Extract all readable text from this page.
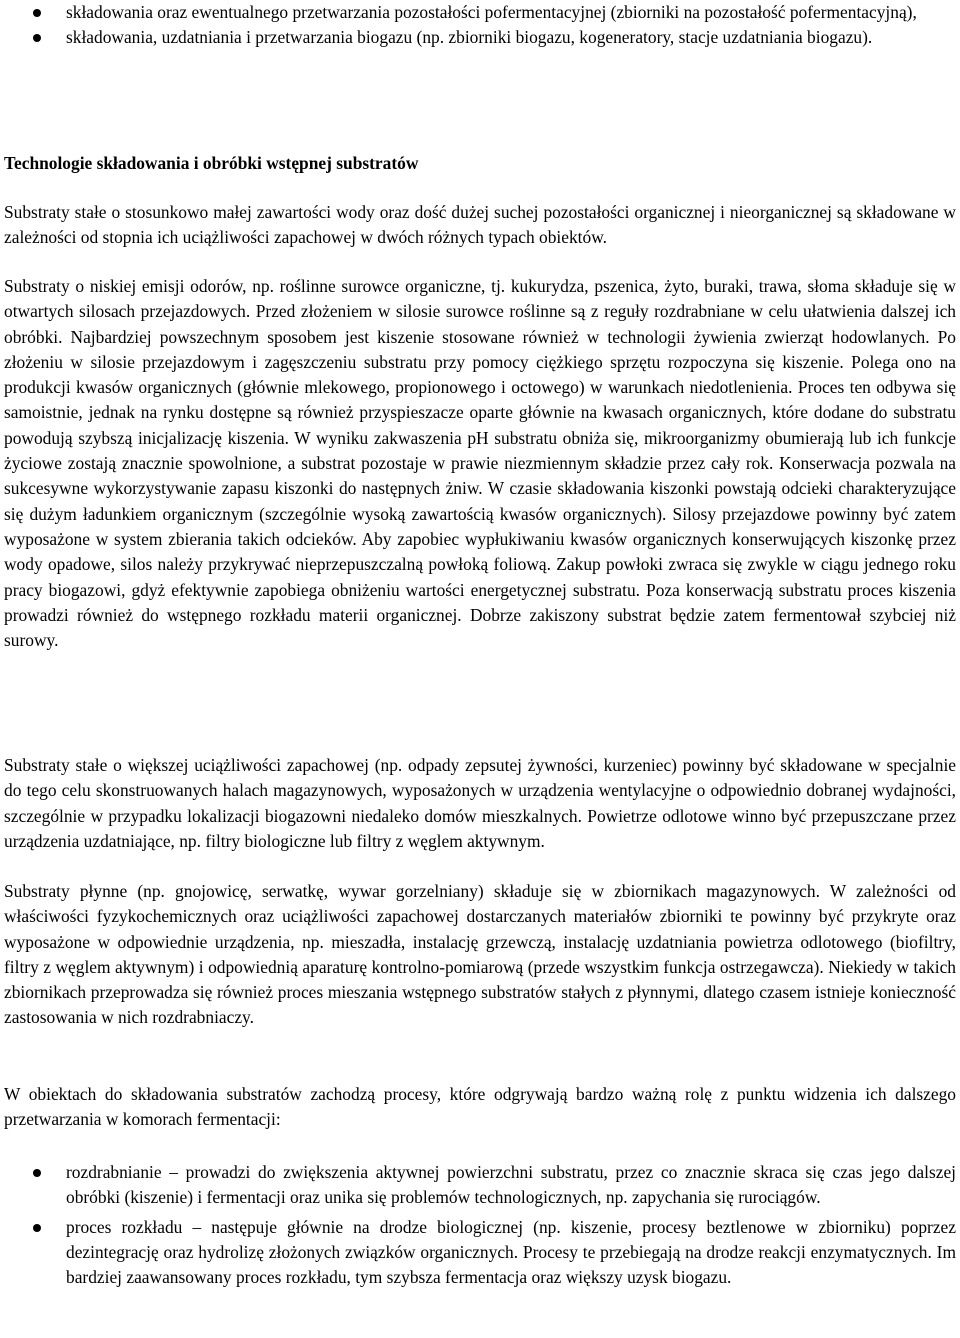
składowania oraz ewentualnego przetwarzania pozostałości pofermentacyjnej (zbiorniki na pozostałość pofermentacyjną),
składowania, uzdatniania i przetwarzania biogazu (np. zbiorniki biogazu, kogeneratory, stacje uzdatniania biogazu).
Technologie składowania i obróbki wstępnej substratów

Substraty stałe o stosunkowo małej zawartości wody oraz dość dużej suchej pozostałości organicznej i nieorganicznej są składowane w zależności od stopnia ich uciążliwości zapachowej w dwóch różnych typach obiektów.

Substraty o niskiej emisji odorów, np. roślinne surowce organiczne, tj. kukurydza, pszenica, żyto, buraki, trawa, słoma składuje się w otwartych silosach przejazdowych. Przed złożeniem w silosie surowce roślinne są z reguły rozdrabniane w celu ułatwienia dalszej ich obróbki. Najbardziej powszechnym sposobem jest kiszenie stosowane również w technologii żywienia zwierząt hodowlanych. Po złożeniu w silosie przejazdowym i zagęszczeniu substratu przy pomocy ciężkiego sprzętu rozpoczyna się kiszenie. Polega ono na produkcji kwasów organicznych (głównie mlekowego, propionowego i octowego) w warunkach niedotlenienia. Proces ten odbywa się samoistnie, jednak na rynku dostępne są również przyspieszacze oparte głównie na kwasach organicznych, które dodane do substratu powodują szybszą inicjalizację kiszenia. W wyniku zakwaszenia pH substratu obniża się, mikroorganizmy obumierają lub ich funkcje życiowe zostają znacznie spowolnione, a substrat pozostaje w prawie niezmiennym składzie przez cały rok. Konserwacja pozwala na sukcesywne wykorzystywanie zapasu kiszonki do następnych żniw. W czasie składowania kiszonki powstają odcieki charakteryzujące się dużym ładunkiem organicznym (szczególnie wysoką zawartością kwasów organicznych). Silosy przejazdowe powinny być zatem wyposażone w system zbierania takich odcieków. Aby zapobiec wypłukiwaniu kwasów organicznych konserwujących kiszonkę przez wody opadowe, silos należy przykrywać nieprzepuszczalną powłoką foliową. Zakup powłoki zwraca się zwykle w ciągu jednego roku pracy biogazowi, gdyż efektywnie zapobiega obniżeniu wartości energetycznej substratu. Poza konserwacją substratu proces kiszenia prowadzi również do wstępnego rozkładu materii organicznej. Dobrze zakiszony substrat będzie zatem fermentował szybciej niż surowy.

Substraty stałe o większej uciążliwości zapachowej (np. odpady zepsutej żywności, kurzeniec) powinny być składowane w specjalnie do tego celu skonstruowanych halach magazynowych, wyposażonych w urządzenia wentylacyjne o odpowiednio dobranej wydajności, szczególnie w przypadku lokalizacji biogazowni niedaleko domów mieszkalnych. Powietrze odlotowe winno być przepuszczane przez urządzenia uzdatniające, np. filtry biologiczne lub filtry z węglem aktywnym.

Substraty płynne (np. gnojowicę, serwatkę, wywar gorzelniany) składuje się w zbiornikach magazynowych. W zależności od właściwości fyzykochemicznych oraz uciążliwości zapachowej dostarczanych materiałów zbiorniki te powinny być przykryte oraz wyposażone w odpowiednie urządzenia, np. mieszadła, instalację grzewczą, instalację uzdatniania powietrza odlotowego (biofiltry, filtry z węglem aktywnym) i odpowiednią aparaturę kontrolno-pomiarową (przede wszystkim funkcja ostrzegawcza). Niekiedy w takich zbiornikach przeprowadza się również proces mieszania wstępnego substratów stałych z płynnymi, dlatego czasem istnieje konieczność zastosowania w nich rozdrabniaczy.

W obiektach do składowania substratów zachodzą procesy, które odgrywają bardzo ważną rolę z punktu widzenia ich dalszego przetwarzania w komorach fermentacji:

rozdrabnianie – prowadzi do zwiększenia aktywnej powierzchni substratu, przez co znacznie skraca się czas jego dalszej obróbki (kiszenie) i fermentacji oraz unika się problemów technologicznych, np. zapychania się rurociągów.
proces rozkładu – następuje głównie na drodze biologicznej (np. kiszenie, procesy beztlenowe w zbiorniku) poprzez dezintegrację oraz hydrolizę złożonych związków organicznych. Procesy te przebiegają na drodze reakcji enzymatycznych. Im bardziej zaawansowany proces rozkładu, tym szybsza fermentacja oraz większy uzysk biogazu.
